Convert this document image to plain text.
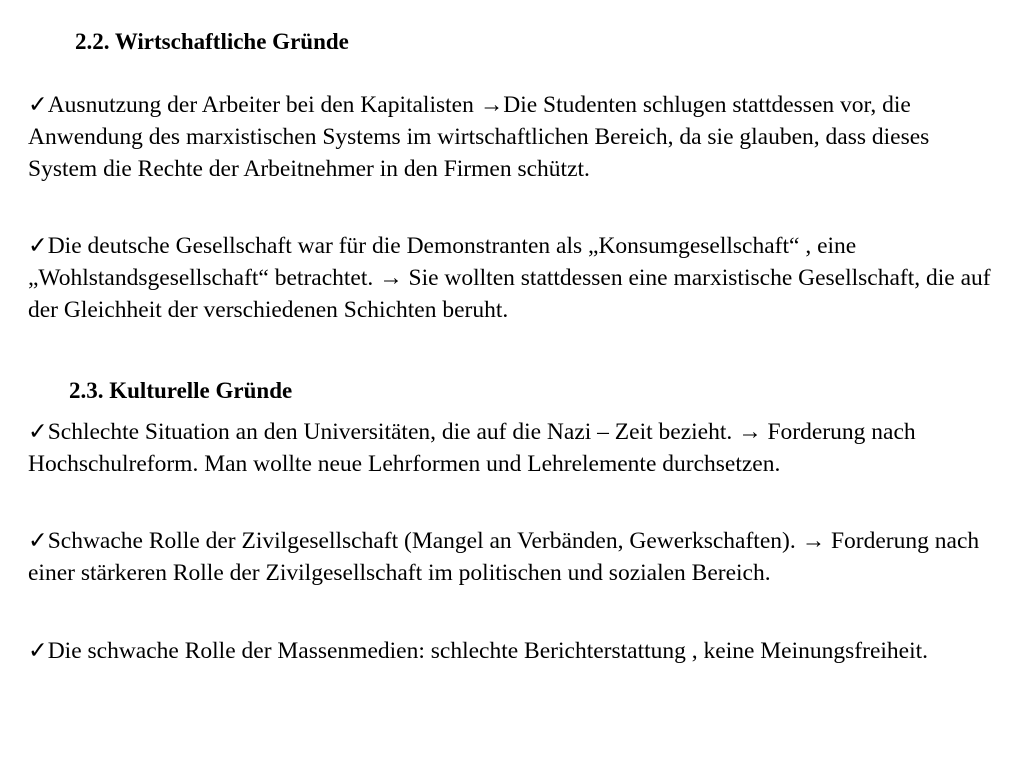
2.2. Wirtschaftliche Gründe
✓Ausnutzung der Arbeiter bei den Kapitalisten →Die Studenten schlugen stattdessen vor, die Anwendung des marxistischen Systems im wirtschaftlichen Bereich, da sie glauben, dass dieses System die Rechte der Arbeitnehmer in den Firmen schützt.
✓Die deutsche Gesellschaft war für die Demonstranten als „Konsumgesellschaft“ , eine „Wohlstandsgesellschaft“ betrachtet. → Sie wollten stattdessen eine marxistische Gesellschaft, die auf der Gleichheit der verschiedenen Schichten beruht.
2.3. Kulturelle Gründe
✓Schlechte Situation an den Universitäten, die auf die Nazi – Zeit bezieht. → Forderung nach Hochschulreform. Man wollte neue Lehrformen und Lehrelemente durchsetzen.
✓Schwache Rolle der Zivilgesellschaft (Mangel an Verbänden, Gewerkschaften). → Forderung nach einer stärkeren Rolle der Zivilgesellschaft im politischen und sozialen Bereich.
✓Die schwache Rolle der Massenmedien: schlechte Berichterstattung , keine Meinungsfreiheit.
